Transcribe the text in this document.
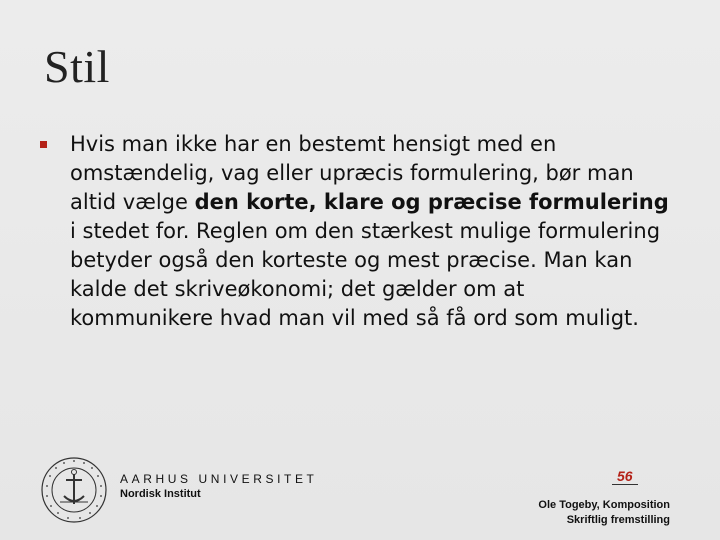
Stil
Hvis man ikke har en bestemt hensigt med en omstændelig, vag eller upræcis formulering, bør man altid vælge den korte, klare og præcise formulering i stedet for. Reglen om den stærkest mulige formulering betyder også den korteste og mest præcise. Man kan kalde det skriveøkonomi; det gælder om at kommunikere hvad man vil med så få ord som muligt.
AARHUS UNIVERSITET
Nordisk Institut
56
Ole Togeby, Komposition
Skriftlig fremstilling
